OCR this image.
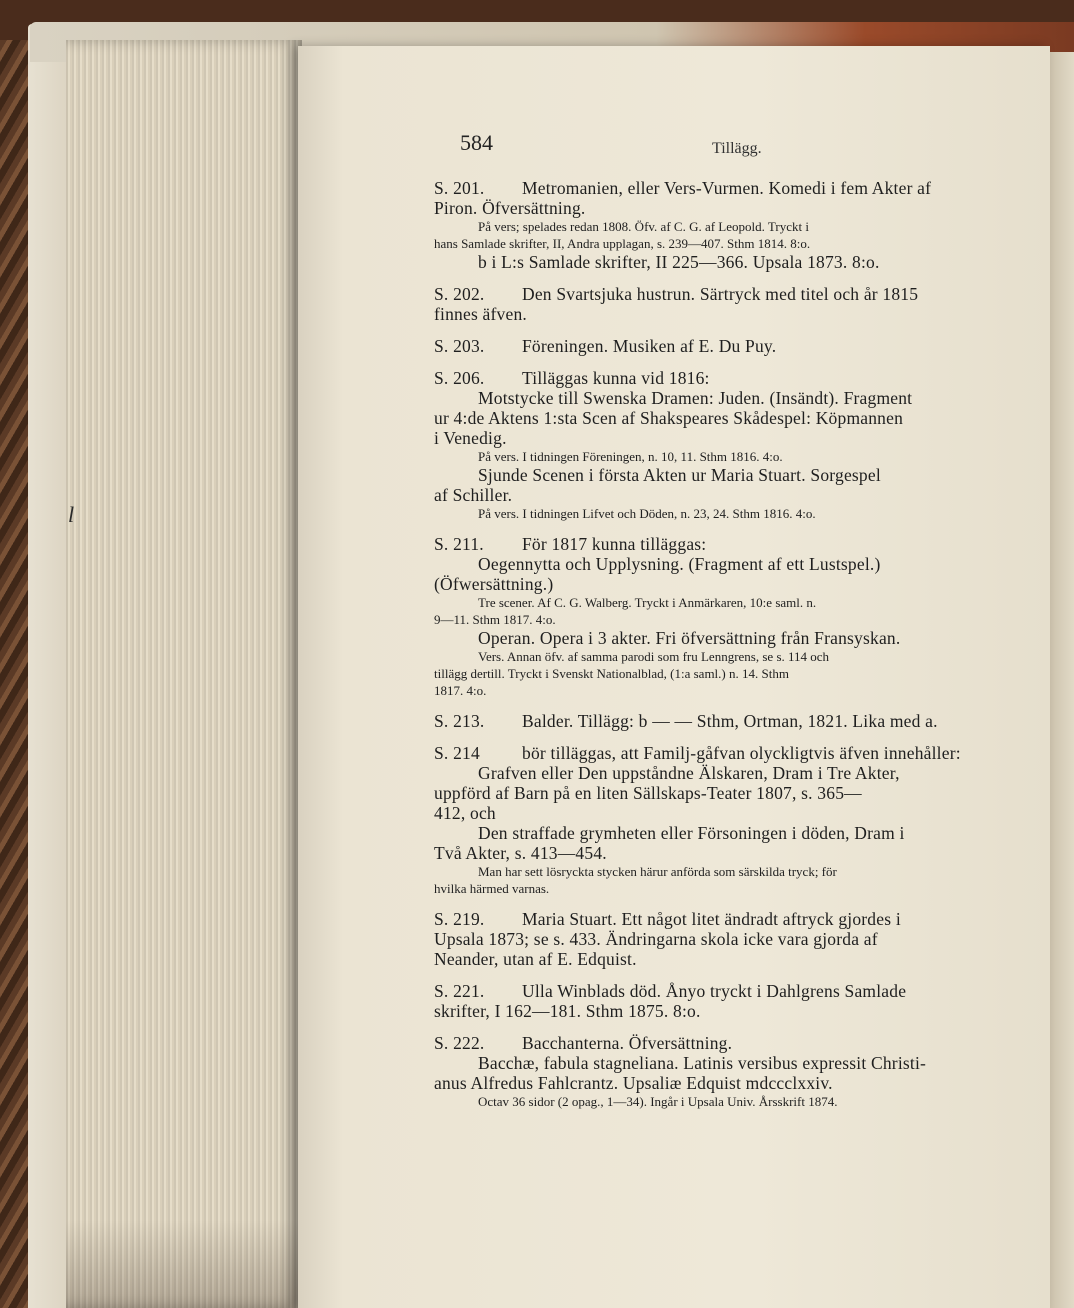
l
584	Tillägg.
S. 201. Metromanien, eller Vers-Vurmen. Komedi i fem Akter af
Piron. Öfversättning.
På vers; spelades redan 1808. Öfv. af C. G. af Leopold. Tryckt i
hans Samlade skrifter, II, Andra upplagan, s. 239—407. Sthm 1814. 8:o.
b i L:s Samlade skrifter, II 225—366. Upsala 1873. 8:o.
S. 202. Den Svartsjuka hustrun. Särtryck med titel och år 1815
finnes äfven.
S. 203. Föreningen. Musiken af E. Du Puy.
S. 206. Tilläggas kunna vid 1816:
Motstycke till Swenska Dramen: Juden. (Insändt). Fragment
ur 4:de Aktens 1:sta Scen af Shakspeares Skådespel: Köpmannen
i Venedig.
På vers. I tidningen Föreningen, n. 10, 11. Sthm 1816. 4:o.
Sjunde Scenen i första Akten ur Maria Stuart. Sorgespel
af Schiller.
På vers. I tidningen Lifvet och Döden, n. 23, 24. Sthm 1816. 4:o.
S. 211. För 1817 kunna tilläggas:
Oegennytta och Upplysning. (Fragment af ett Lustspel.)
(Öfwersättning.)
Tre scener. Af C. G. Walberg. Tryckt i Anmärkaren, 10:e saml. n.
9—11. Sthm 1817. 4:o.
Operan. Opera i 3 akter. Fri öfversättning från Fransyskan.
Vers. Annan öfv. af samma parodi som fru Lenngrens, se s. 114 och
tillägg dertill. Tryckt i Svenskt Nationalblad, (1:a saml.) n. 14. Sthm
1817. 4:o.
S. 213. Balder. Tillägg: b — — Sthm, Ortman, 1821. Lika med a.
S. 214 bör tilläggas, att Familj-gåfvan olyckligtvis äfven innehåller:
Grafven eller Den uppståndne Älskaren, Dram i Tre Akter,
uppförd af Barn på en liten Sällskaps-Teater 1807, s. 365—
412, och
Den straffade grymheten eller Försoningen i döden, Dram i
Två Akter, s. 413—454.
Man har sett lösryckta stycken härur anförda som särskilda tryck; för
hvilka härmed varnas.
S. 219. Maria Stuart. Ett något litet ändradt aftryck gjordes i
Upsala 1873; se s. 433. Ändringarna skola icke vara gjorda af
Neander, utan af E. Edquist.
S. 221. Ulla Winblads död. Ånyo tryckt i Dahlgrens Samlade
skrifter, I 162—181. Sthm 1875. 8:o.
S. 222. Bacchanterna. Öfversättning.
Bacchæ, fabula stagneliana. Latinis versibus expressit Christi-
anus Alfredus Fahlcrantz. Upsaliæ Edquist mdccclxxiv.
Octav 36 sidor (2 opag., 1—34). Ingår i Upsala Univ. Årsskrift 1874.
